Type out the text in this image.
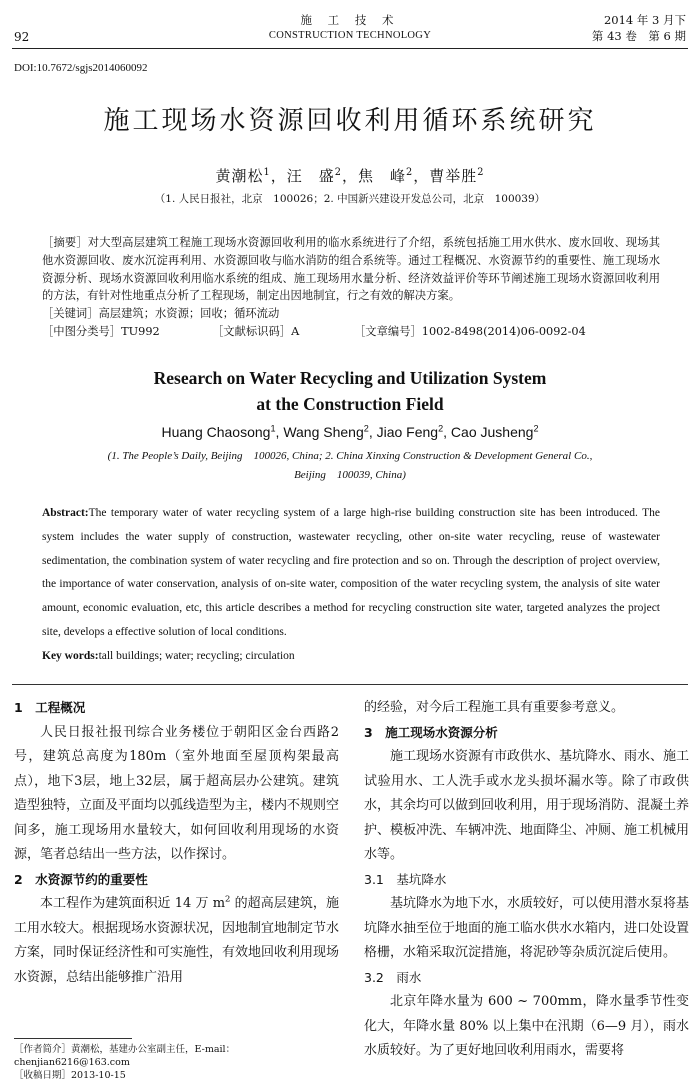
92
施 工 技 术
CONSTRUCTION TECHNOLOGY
2014 年 3 月下
第 43 卷　第 6 期
DOI:10.7672/sgjs2014060092
施工现场水资源回收利用循环系统研究
黄潮松$^1$，汪　盛$^2$，焦　峰$^2$，曹举胜$^2$
（1. 人民日报社，北京　100026；2. 中国新兴建设开发总公司，北京　100039）

［摘要］对大型高层建筑工程施工现场水资源回收利用的临水系统进行了介绍，系统包括施工用水供水、废水回收、现场其他水资源回收、废水沉淀再利用、水资源回收与临水消防的组合系统等。通过工程概况、水资源节约的重要性、施工现场水资源分析、现场水资源回收利用临水系统的组成、施工现场用水量分析、经济效益评价等环节阐述施工现场水资源回收利用的方法，有针对性地重点分析了工程现场，制定出因地制宜，行之有效的解决方案。

［关键词］高层建筑；水资源；回收；循环流动

［中图分类号］TU992	［文献标识码］A	［文章编号］1002-8498(2014)06-0092-04

Research on Water Recycling and Utilization System
at the Construction Field
Huang Chaosong$^1$, Wang Sheng$^2$, Jiao Feng$^2$, Cao Jusheng$^2$
(1. The People’s Daily, Beijing　100026, China; 2. China Xinxing Construction & Development General Co.,
Beijing　100039, China)

Abstract:The temporary water of water recycling system of a large high-rise building construction site has been introduced. The system includes the water supply of construction, wastewater recycling, other on-site water recycling, reuse of wastewater sedimentation, the combination system of water recycling and fire protection and so on. Through the description of project overview, the importance of water conservation, analysis of on-site water, composition of the water recycling system, the analysis of site water amount, economic evaluation, etc, this article describes a method for recycling construction site water, targeted analyzes the project site, develops a effective solution of local conditions.

Key words:tall buildings; water; recycling; circulation

1　工程概况

人民日报社报刊综合业务楼位于朝阳区金台西路2号，建筑总高度为180m（室外地面至屋顶构架最高点），地下3层，地上32层，属于超高层办公建筑。建筑造型独特，立面及平面均以弧线造型为主，楼内不规则空间多，施工现场用水量较大，如何回收利用现场的水资源，笔者总结出一些方法，以作探讨。

2　水资源节约的重要性

本工程作为建筑面积近 14 万 $m^2$ 的超高层建筑，施工用水较大。根据现场水资源状况，因地制宜地制定节水方案，同时保证经济性和可实施性，有效地回收利用现场水资源，总结出能够推广沿用

的经验，对今后工程施工具有重要参考意义。

3　施工现场水资源分析

施工现场水资源有市政供水、基坑降水、雨水、施工试验用水、工人洗手或水龙头损坏漏水等。除了市政供水，其余均可以做到回收利用，用于现场消防、混凝土养护、模板冲洗、车辆冲洗、地面降尘、冲厕、施工机械用水等。

3.1　基坑降水

基坑降水为地下水，水质较好，可以使用潜水泵将基坑降水抽至位于地面的施工临水供水水箱内，进口处设置格栅，水箱采取沉淀措施，将泥砂等杂质沉淀后使用。

3.2　雨水

北京年降水量为 600 ~ 700mm，降水量季节性变化大，年降水量 80% 以上集中在汛期（6—9 月），雨水水质较好。为了更好地回收利用雨水，需要将

［作者简介］黄潮松，基建办公室副主任，E-mail：chenjian6216@163.com

［收稿日期］2013-10-15
